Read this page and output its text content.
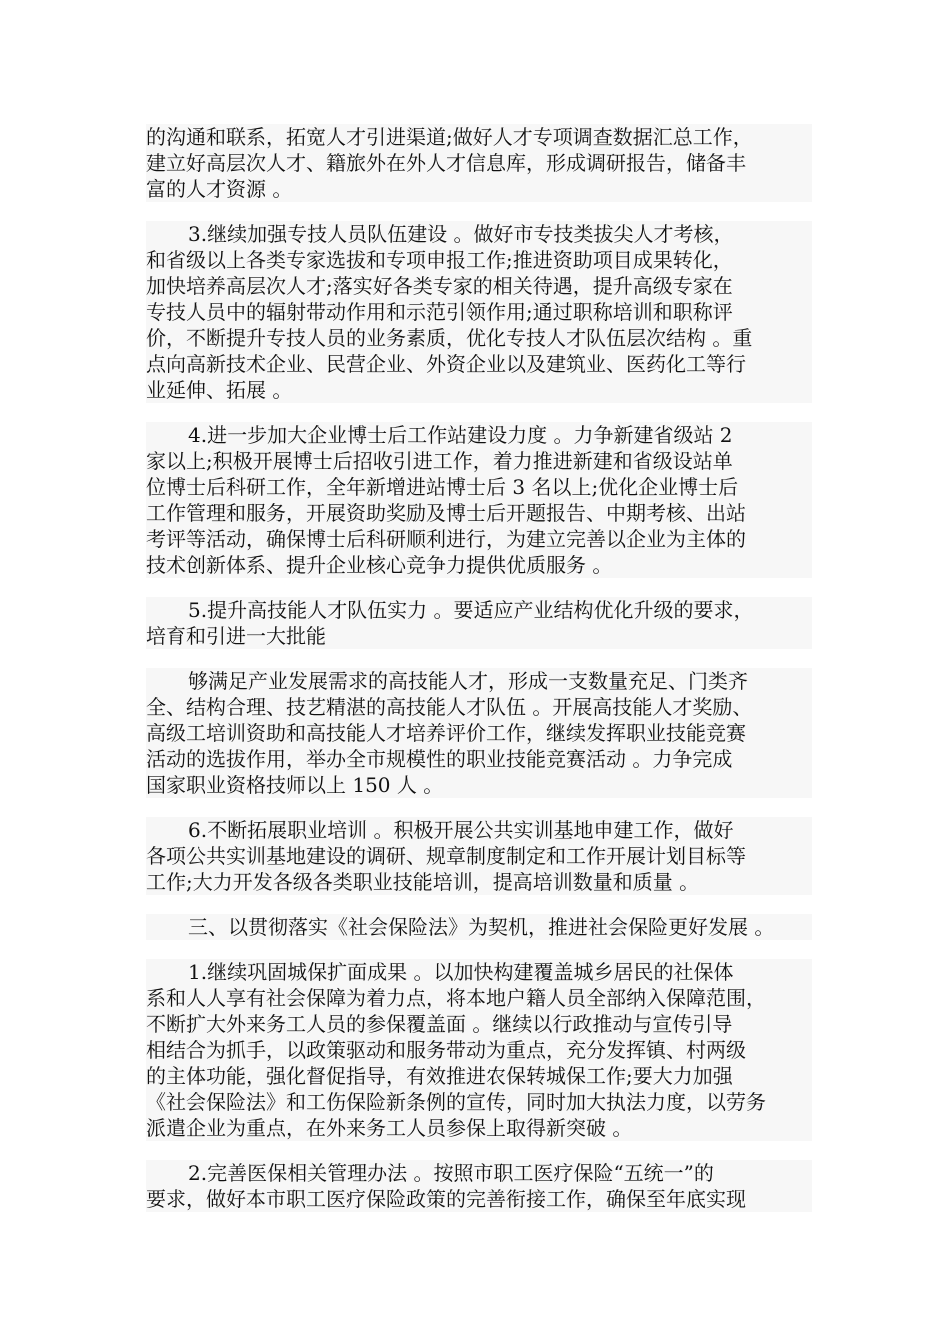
的沟通和联系，拓宽人才引进渠道;做好人才专项调查数据汇总工作，
建立好高层次人才、籍旅外在外人才信息库，形成调研报告，储备丰
富的人才资源 。
3.继续加强专技人员队伍建设 。做好市专技类拔尖人才考核，
和省级以上各类专家选拔和专项申报工作;推进资助项目成果转化，
加快培养高层次人才;落实好各类专家的相关待遇，提升高级专家在
专技人员中的辐射带动作用和示范引领作用;通过职称培训和职称评
价，不断提升专技人员的业务素质，优化专技人才队伍层次结构 。重
点向高新技术企业、民营企业、外资企业以及建筑业、医药化工等行
业延伸、拓展 。
4.进一步加大企业博士后工作站建设力度 。力争新建省级站 2
家以上;积极开展博士后招收引进工作，着力推进新建和省级设站单
位博士后科研工作，全年新增进站博士后 3 名以上;优化企业博士后
工作管理和服务，开展资助奖励及博士后开题报告、中期考核、出站
考评等活动，确保博士后科研顺利进行，为建立完善以企业为主体的
技术创新体系、提升企业核心竞争力提供优质服务 。
5.提升高技能人才队伍实力 。要适应产业结构优化升级的要求，
培育和引进一大批能
够满足产业发展需求的高技能人才，形成一支数量充足、门类齐
全、结构合理、技艺精湛的高技能人才队伍 。开展高技能人才奖励、
高级工培训资助和高技能人才培养评价工作，继续发挥职业技能竞赛
活动的选拔作用，举办全市规模性的职业技能竞赛活动 。力争完成
国家职业资格技师以上 150 人 。
6.不断拓展职业培训 。积极开展公共实训基地申建工作，做好
各项公共实训基地建设的调研、规章制度制定和工作开展计划目标等
工作;大力开发各级各类职业技能培训，提高培训数量和质量 。
三、以贯彻落实《社会保险法》为契机，推进社会保险更好发展 。
1.继续巩固城保扩面成果 。以加快构建覆盖城乡居民的社保体
系和人人享有社会保障为着力点，将本地户籍人员全部纳入保障范围，
不断扩大外来务工人员的参保覆盖面 。继续以行政推动与宣传引导
相结合为抓手，以政策驱动和服务带动为重点，充分发挥镇、村两级
的主体功能，强化督促指导，有效推进农保转城保工作;要大力加强
《社会保险法》和工伤保险新条例的宣传，同时加大执法力度，以劳务
派遣企业为重点，在外来务工人员参保上取得新突破 。
2.完善医保相关管理办法 。按照市职工医疗保险“五统一”的
要求，做好本市职工医疗保险政策的完善衔接工作，确保至年底实现
